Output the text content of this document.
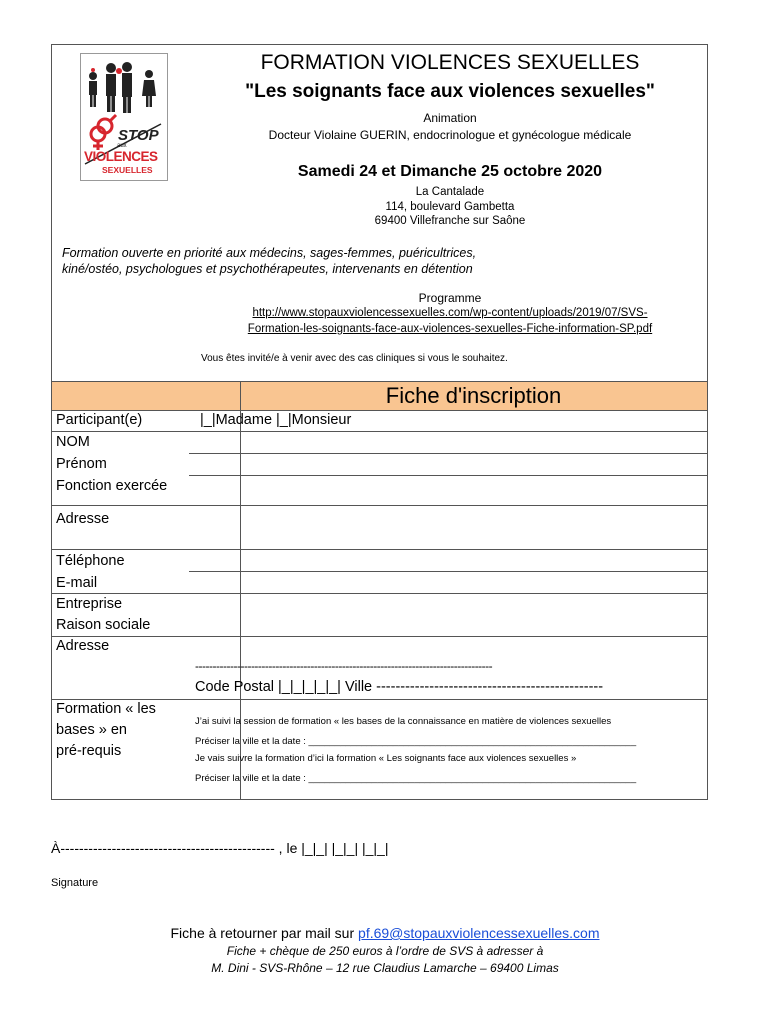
STOP
aux
VIOLENCES
SEXUELLES
FORMATION VIOLENCES SEXUELLES
"Les soignants face aux violences sexuelles"
Animation
Docteur Violaine GUERIN, endocrinologue et gynécologue médicale
Samedi 24 et Dimanche 25 octobre 2020
La Cantalade
114, boulevard Gambetta
69400 Villefranche sur Saône
Formation ouverte en priorité aux médecins, sages-femmes, puéricultrices,
kiné/ostéo, psychologues et psychothérapeutes, intervenants en détention
Programme
http://www.stopauxviolencessexuelles.com/wp-content/uploads/2019/07/SVS-
Formation-les-soignants-face-aux-violences-sexuelles-Fiche-information-SP.pdf
Vous êtes invité/e à venir avec des cas cliniques si vous le souhaitez.
Fiche d'inscription
Participant(e)	|_|Madame |_|Monsieur
NOM
Prénom
Fonction exercée
Adresse
Téléphone
E-mail
Entreprise
Raison sociale
Adresse
-------------------------------------------------------------------------------------
Code Postal |_|_|_|_|_| Ville -----------------------------------------------
Formation « les
bases » en
pré-requis
J’ai suivi la session de formation « les bases de la connaissance en matière de violences sexuelles
Préciser la ville et la date : ______________________________________________________________
Je vais suivre la formation d’ici la formation « Les soignants face aux violences sexuelles »
Préciser la ville et la date : ______________________________________________________________
À---------------------------------------------- , le |_|_| |_|_| |_|_|
Signature
Fiche à retourner par mail sur pf.69@stopauxviolencessexuelles.com
Fiche + chèque de 250 euros à l’ordre de SVS à adresser à
M. Dini - SVS-Rhône – 12 rue Claudius Lamarche – 69400 Limas
